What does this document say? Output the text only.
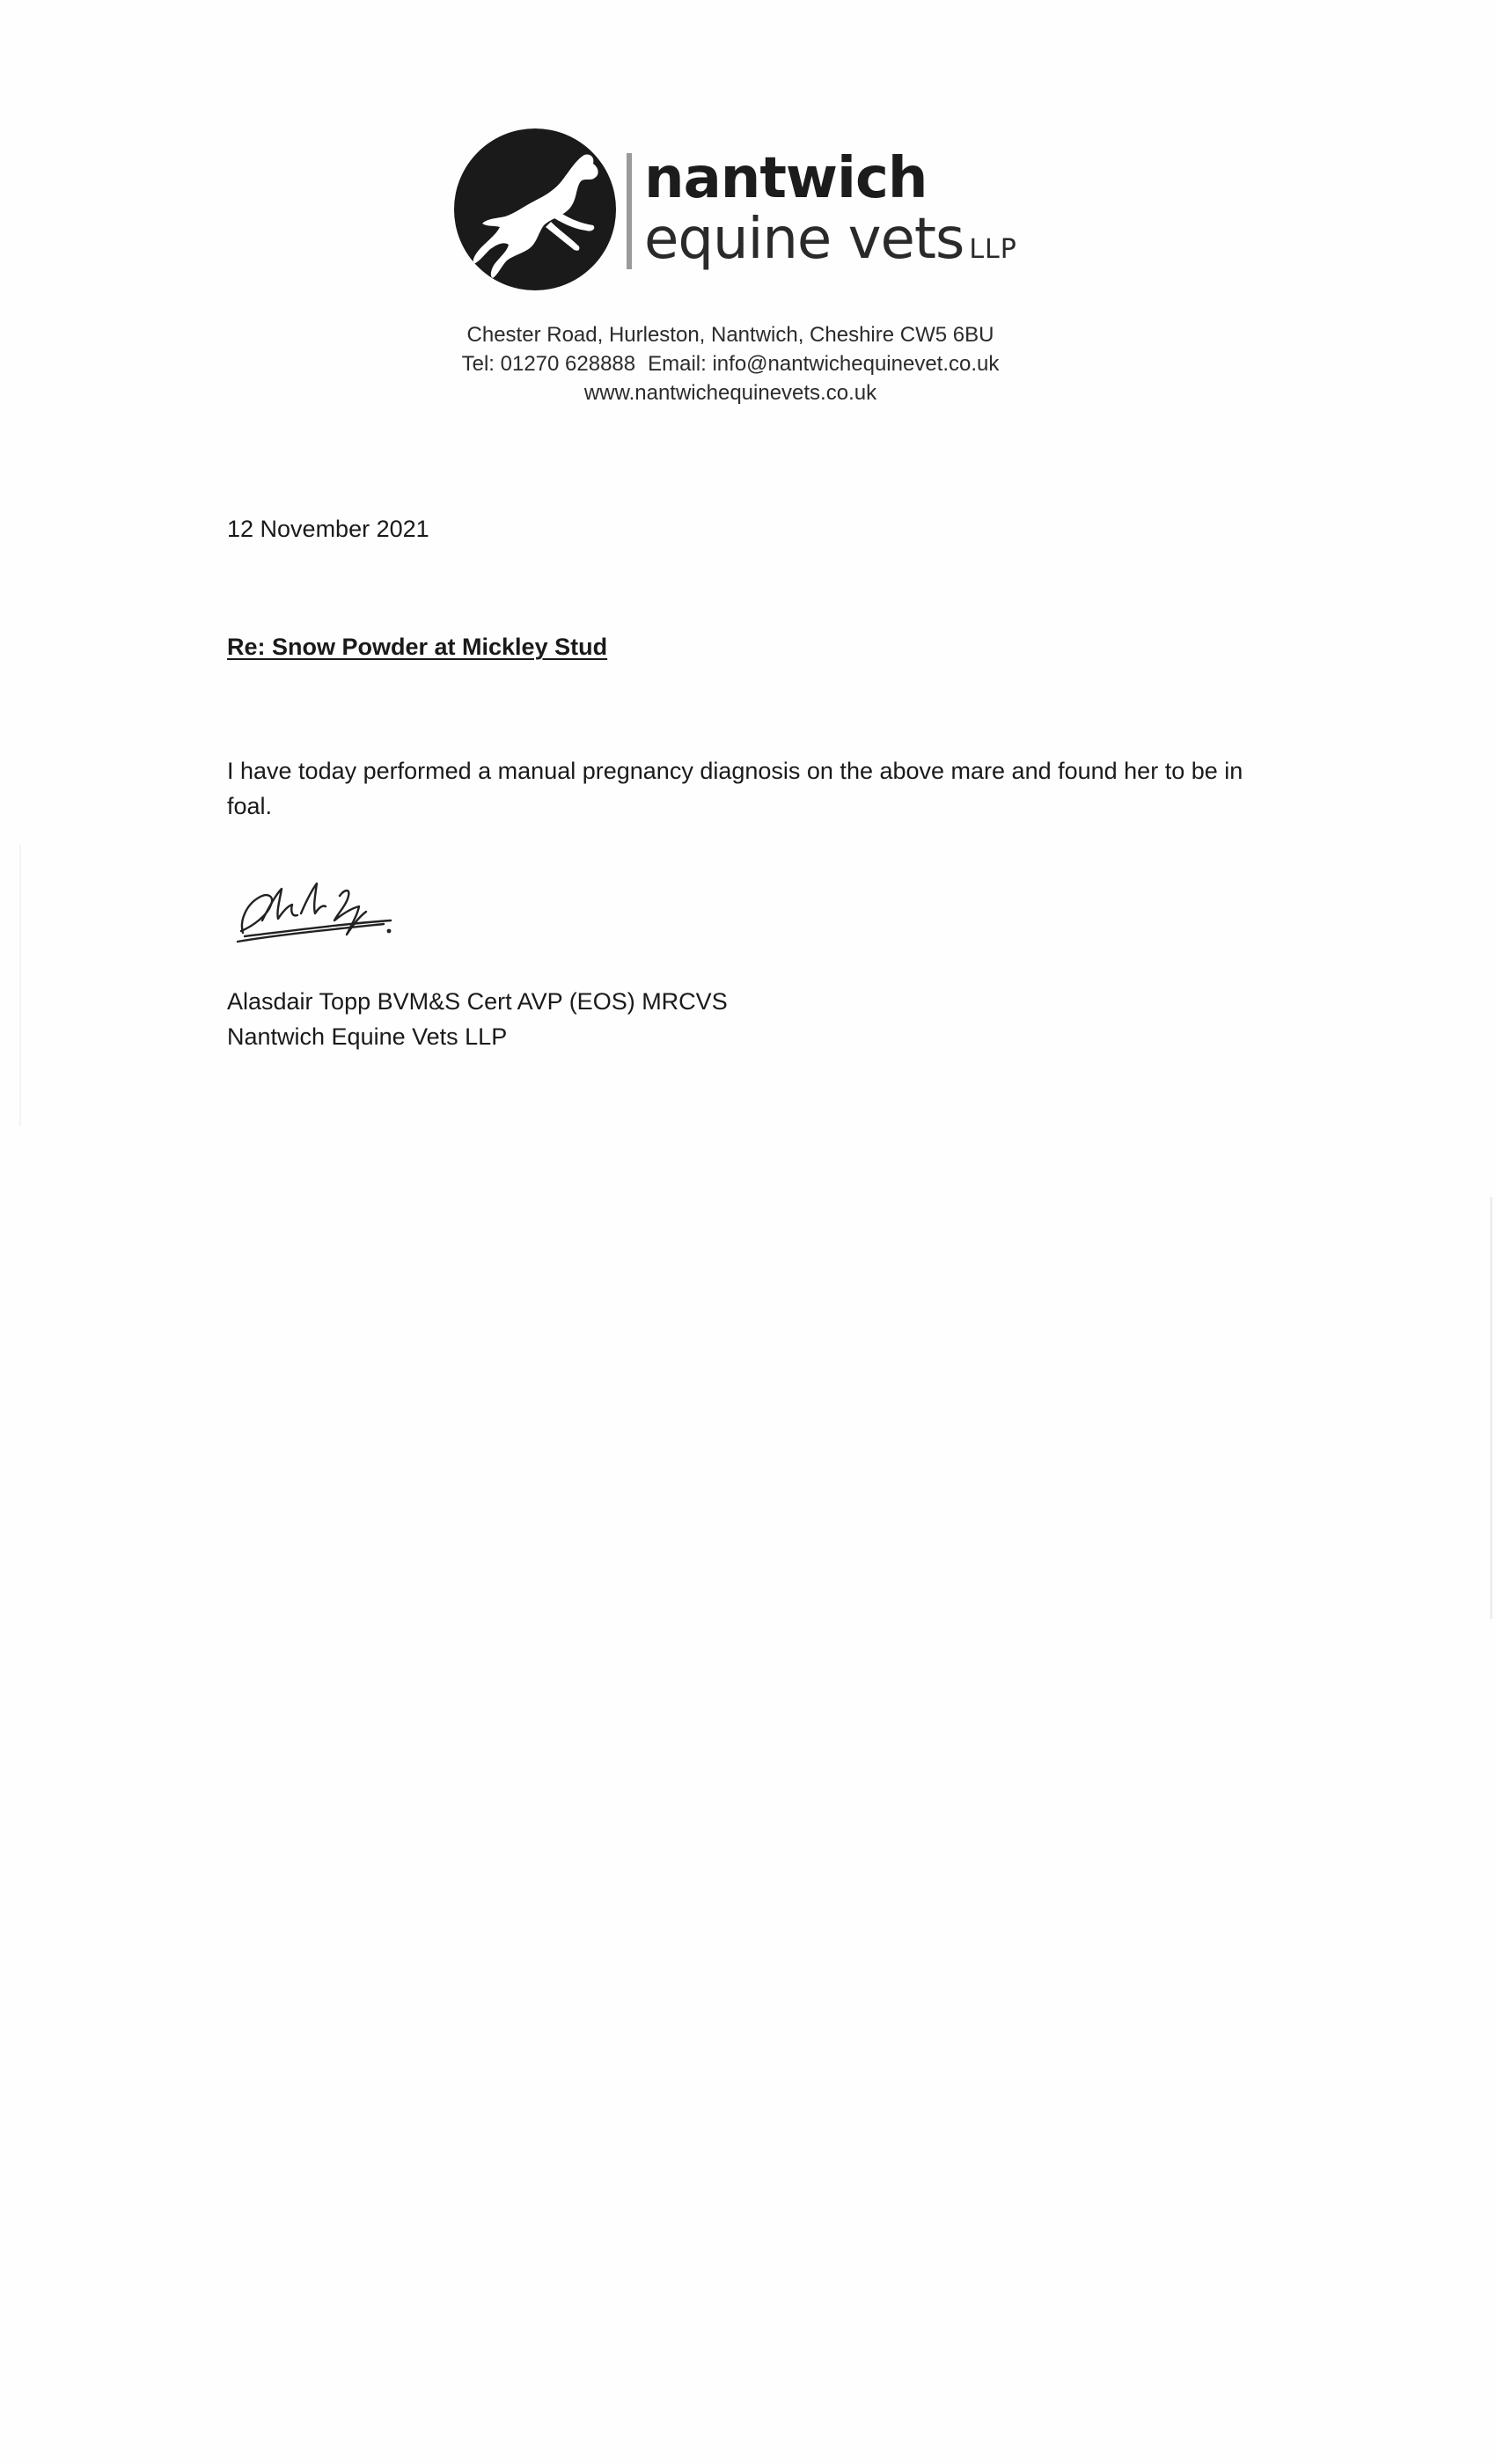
nantwich
equine vets LLP
Chester Road, Hurleston, Nantwich, Cheshire CW5 6BU
Tel: 01270 628888 Email: info@nantwichequinevet.co.uk
www.nantwichequinevets.co.uk
12 November 2021
Re: Snow Powder at Mickley Stud
I have today performed a manual pregnancy diagnosis on the above mare and found her to be in foal.
Alasdair Topp BVM&S Cert AVP (EOS) MRCVS
Nantwich Equine Vets LLP
